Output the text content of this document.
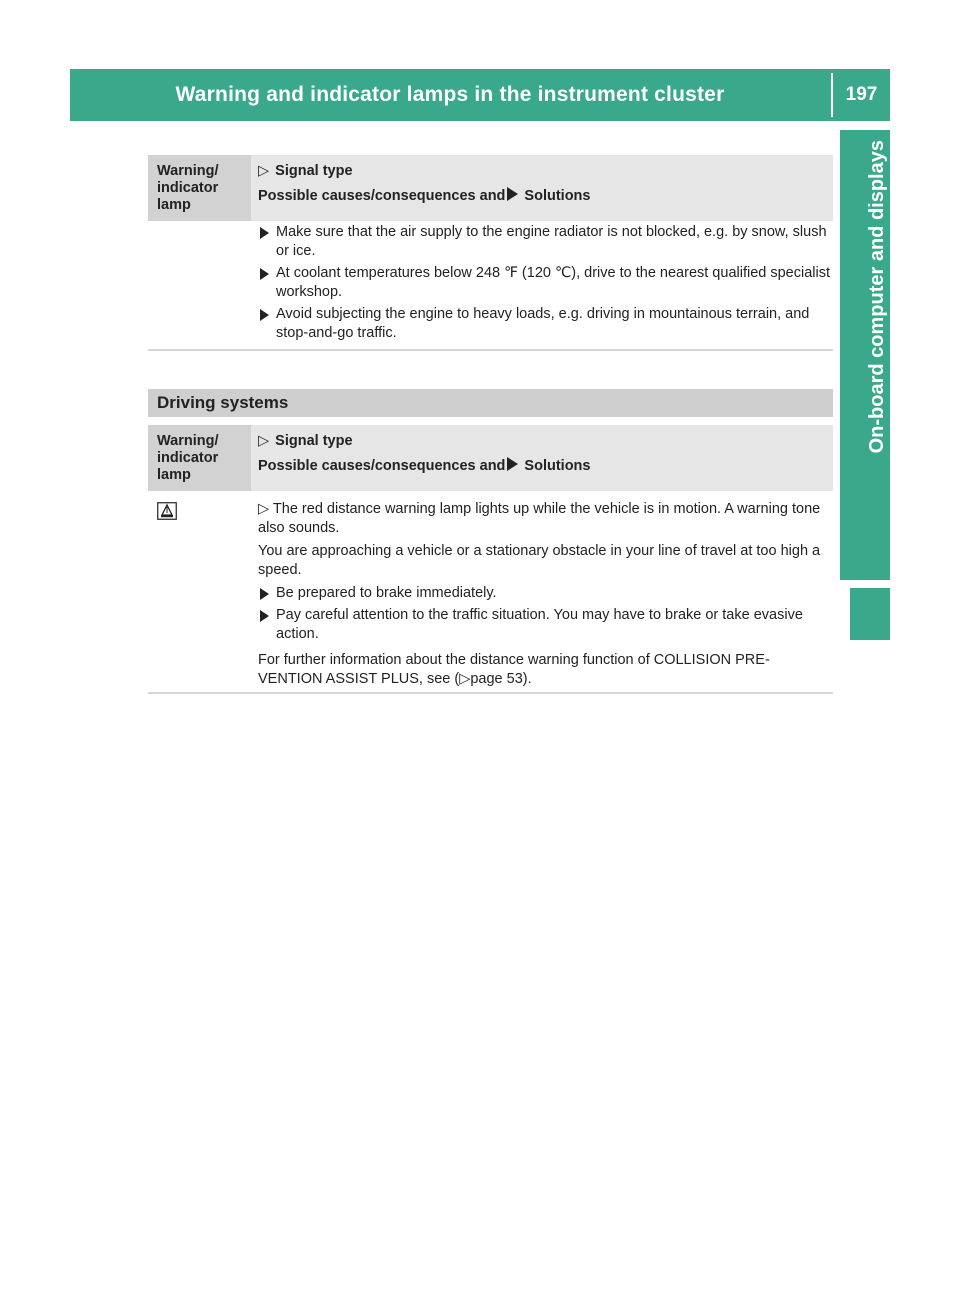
Warning and indicator lamps in the instrument cluster	197
On-board computer and displays
Warning/
indicator
lamp
▷ Signal type
Possible causes/consequences and Solutions
Make sure that the air supply to the engine radiator is not blocked, e.g. by snow, slush or ice.
At coolant temperatures below 248 ℉ (120 ℃), drive to the nearest qualified specialist workshop.
Avoid subjecting the engine to heavy loads, e.g. driving in mountainous terrain, and stop-and-go traffic.
Driving systems
Warning/
indicator
lamp
▷ Signal type
Possible causes/consequences and Solutions
▷ The red distance warning lamp lights up while the vehicle is in motion. A warning tone also sounds.
You are approaching a vehicle or a stationary obstacle in your line of travel at too high a speed.
Be prepared to brake immediately.
Pay careful attention to the traffic situation. You may have to brake or take evasive action.
For further information about the distance warning function of COLLISION PRE-VENTION ASSIST PLUS, see (▷page 53).
